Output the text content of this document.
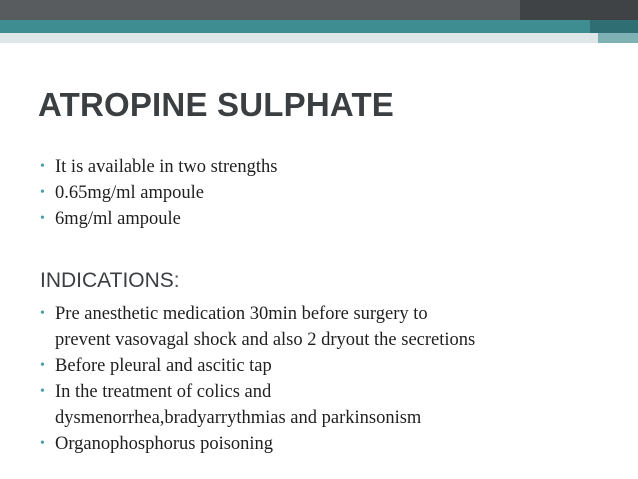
ATROPINE SULPHATE
• It is available in two strengths
• 0.65mg/ml ampoule
• 6mg/ml ampoule
INDICATIONS:
• Pre anesthetic medication 30min before surgery to
prevent vasovagal shock and also 2 dryout the secretions
• Before pleural and ascitic tap
• In the treatment of colics and
dysmenorrhea,bradyarrythmias and parkinsonism
• Organophosphorus poisoning
